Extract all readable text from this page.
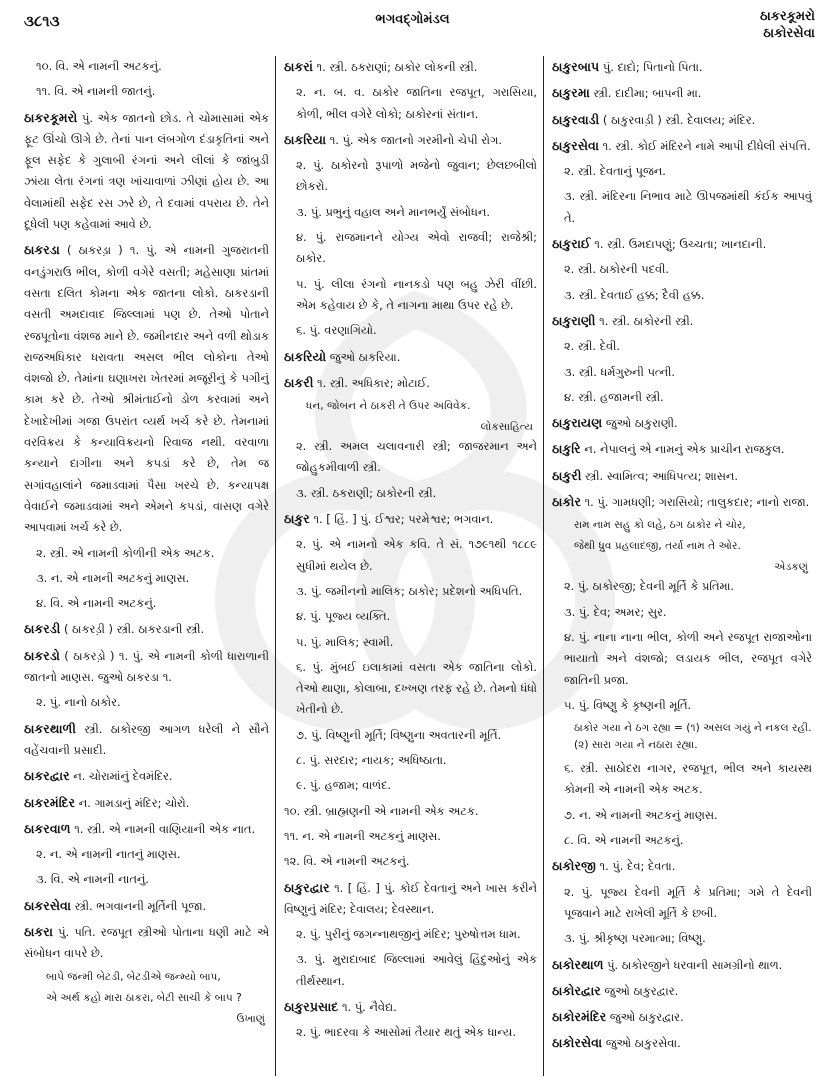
૩૮૧૩	ભગવદ્ગોમંડલ	ઠાકરકૂમરો
ઠાકોરસેવા
૧૦. વિ. એ નામની અટકનું.
૧૧. વિ. એ નામની જાતનું.
ઠાકરકૂમરો પું. એક જાતનો છોડ. તે ચોમાસામાં એક ફૂટ ઊંચો ઊગે છે. તેનાં પાન લંબગોળ દંડાકૃતિનાં અને ફૂલ સફેદ કે ગુલાબી રંગનાં અને લીલાં કે જાંબુડી ઝાંયા લેતા રંગનાં ત્રણ ખાંચાવાળાં ઝીણાં હોય છે. આ વેલામાંથી સફેદ રસ ઝરે છે, તે દવામાં વપરાય છે. તેને દૂધેલી પણ કહેવામાં આવે છે.
ઠાકરડા ( ઠાકરડ઼ા ) ૧. પું. એ નામની ગુજરાતની વનડુંગરાઉ ભીલ, કોળી વગેરે વસતી; મહેસાણા પ્રાંતમાં વસતા દલિત કોમના એક જાતના લોકો. ઠાકરડાની વસતી અમદાવાદ જિલ્લામાં પણ છે. તેઓ પોતાને રજપૂતોના વંશજ માને છે. જમીનદાર અને વળી થોડાક રાજઅધિકાર ધરાવતા અસલ ભીલ લોકોના તેઓ વંશજો છે. તેમાંના ઘણાખરા ખેતરમાં મજૂરીનું કે પગીનું કામ કરે છે. તેઓ શ્રીમંતાઈનો ડોળ કરવામાં અને દેખાદેખીમાં ગજા ઉપરાંત વ્યર્થ ખર્ચ કરે છે. તેમનામાં વરવિક્રય કે કન્યાવિક્રયનો રિવાજ નથી. વરવાળા કન્યાને દાગીના અને કપડાં કરે છે, તેમ જ સગાંવહાલાંને જમાડવામાં પૈસા ખરચે છે. કન્યાપક્ષ વેવાઈને જમાડવામાં અને એમને કપડાં, વાસણ વગેરે આપવામાં ખર્ચ કરે છે.
૨. સ્ત્રી. એ નામની કોળીની એક અટક.
૩. ન. એ નામની અટકનું માણસ.
૪. વિ. એ નામની અટકનું.
ઠાકરડી ( ઠાકરડ઼ી ) સ્ત્રી. ઠાકરડાની સ્ત્રી.
ઠાકરડો ( ઠાકરડ઼ો ) ૧. પું. એ નામની કોળી ધારાળાની જાતનો માણસ. જુઓ ઠાકરડા ૧.
૨. પું. નાનો ઠાકોર.
ઠાકરથાળી સ્ત્રી. ઠાકોરજી આગળ ધરેલી ને સૌને વહેંચવાની પ્રસાદી.
ઠાકરદ્વાર ન. ચોરામાંનું દેવમંદિર.
ઠાકરમંદિર ન. ગામડાનું મંદિર; ચોરો.
ઠાકરવાળ ૧. સ્ત્રી. એ નામની વાણિયાની એક નાત.
૨. ન. એ નામની નાતનું માણસ.
૩. વિ. એ નામની નાતનું.
ઠાકરસેવા સ્ત્રી. ભગવાનની મૂર્તિની પૂજા.
ઠાકરા પું. પતિ. રજપૂત સ્ત્રીઓ પોતાના ધણી માટે એ સંબોધન વાપરે છે.
બાપે જન્મી બેટડી, બેટડીએ જન્મ્યો બાપ,
એ અર્થ કહો મારા ઠાકરા, બેટી સાચી કે બાપ ?
ઉખાણું
ઠાકરાં ૧. સ્ત્રી. ઠકરાણાં; ઠાકોર લોકની સ્ત્રી.
૨. ન. બ. વ. ઠાકોર જાતિના રજપૂત, ગરાસિયા, કોળી, ભીલ વગેરે લોકો; ઠાકોરનાં સંતાન.
ઠાકરિયા ૧. પું. એક જાતનો ગરમીનો ચેપી રોગ.
૨. પું. ઠાકોરનો રૂપાળો મજેનો જુવાન; છેલછબીલો છોકરો.
૩. પું. પ્રભુનું વહાલ અને માનભર્યું સંબોધન.
૪. પું. રાજમાનને યોગ્ય એવો રાજવી; રાજેશ્રી; ઠાકોર.
૫. પું. લીલા રંગનો નાનકડો પણ બહુ ઝેરી વીંછી. એમ કહેવાય છે કે, તે નાગના માથા ઉપર રહે છે.
૬. પું. વરણાગિયો.
ઠાકરિયો જુઓ ઠાકરિયા.
ઠાકરી ૧. સ્ત્રી. અધિકાર; મોટાઈ.
ધન, જોબન ને ઠાકરી તે ઉપર અવિવેક.
લોકસાહિત્ય
૨. સ્ત્રી. અમલ ચલાવનારી સ્ત્રી; જાજરમાન અને જોહુકમીવાળી સ્ત્રી.
૩. સ્ત્રી. ઠકરાણી; ઠાકોરની સ્ત્રી.
ઠાકુર ૧. [ હિં. ] પું. ઈશ્વર; પરમેશ્વર; ભગવાન.
૨. પું. એ નામનો એક કવિ. તે સં. ૧૭૯૧થી ૧૮૮૯ સુધીમાં થયેલ છે.
૩. પું. જમીનનો માલિક; ઠાકોર; પ્રદેશનો અધિપતિ.
૪. પું. પૂજ્ય વ્યક્તિ.
૫. પું. માલિક; સ્વામી.
૬. પું. મુંબઈ ઇલાકામાં વસતા એક જાતિના લોકો. તેઓ થાણા, કોલાબા, દખ્ખણ તરફ રહે છે. તેમનો ધંધો ખેતીનો છે.
૭. પું. વિષ્ણુની મૂર્તિ; વિષ્ણુના અવતારની મૂર્તિ.
૮. પું. સરદાર; નાયક; અધિષ્ઠાતા.
૯. પું. હજામ; વાળંદ.
૧૦. સ્ત્રી. બ્રાહ્મણની એ નામની એક અટક.
૧૧. ન. એ નામની અટકનું માણસ.
૧૨. વિ. એ નામની અટકનું.
ઠાકુરદ્વાર ૧. [ હિં. ] પું. કોઈ દેવતાનું અને ખાસ કરીને વિષ્ણુનું મંદિર; દેવાલય; દેવસ્થાન.
૨. પું. પુરીનું જગન્નાથજીનું મંદિર; પુરુષોત્તમ ધામ.
૩. પું. મુરાદાબાદ જિલ્લામાં આવેલું હિંદુઓનું એક તીર્થસ્થાન.
ઠાકુરપ્રસાદ ૧. પું. નૈવેદ્ય.
૨. પું. ભાદરવા કે આસોમાં તૈયાર થતું એક ધાન્ય.
ઠાકુરબાપ પું. દાદો; પિતાનો પિતા.
ઠાકુરમા સ્ત્રી. દાદીમા; બાપની મા.
ઠાકુરવાડી ( ઠાકુરવાડ઼ી ) સ્ત્રી. દેવાલય; મંદિર.
ઠાકુરસેવા ૧. સ્ત્રી. કોઈ મંદિરને નામે આપી દીધેલી સંપત્તિ.
૨. સ્ત્રી. દેવતાનું પૂજન.
૩. સ્ત્રી. મંદિરના નિભાવ માટે ઊપજમાંથી કંઈક આપવું તે.
ઠાકુરાઈ ૧. સ્ત્રી. ઉમદાપણું; ઉચ્ચતા; ખાનદાની.
૨. સ્ત્રી. ઠાકોરની પદવી.
૩. સ્ત્રી. દેવતાઈ હક્ક; દૈવી હક્ક.
ઠાકુરાણી ૧. સ્ત્રી. ઠાકોરની સ્ત્રી.
૨. સ્ત્રી. દેવી.
૩. સ્ત્રી. ધર્મગુરુની પત્ની.
૪. સ્ત્રી. હજામની સ્ત્રી.
ઠાકુરાયણ જુઓ ઠાકુરાણી.
ઠાકુરિ ન. નેપાલનું એ નામનું એક પ્રાચીન રાજકુલ.
ઠાકુરી સ્ત્રી. સ્વામિત્વ; આધિપત્ય; શાસન.
ઠાકોર ૧. પું. ગામધણી; ગરાસિયો; તાલુકદાર; નાનો રાજા.
રામ નામ સહુ કો લહે, ઠગ ઠાકોર ને ચોર,
જેથી ધ્રુવ પ્રહલાદજી, તર્યા નામ તે ઓર.
એડકણું
૨. પું. ઠાકોરજી; દેવની મૂર્તિ કે પ્રતિમા.
૩. પું. દેવ; અમર; સુર.
૪. પું. નાના નાના ભીલ, કોળી અને રજપૂત રાજાઓના ભાયાતો અને વંશજો; લડાયક ભીલ, રજપૂત વગેરે જાતિની પ્રજા.
૫. પું. વિષ્ણુ કે કૃષ્ણની મૂર્તિ.
ઠાકોર ગયા ને ઠગ રહ્યા = (૧) અસલ ગયું ને નકલ રહી. (૨) સારા ગયા ને નઠારા રહ્યા.
૬. સ્ત્રી. સાઠોદરા નાગર, રજપૂત, ભીલ અને કાયસ્થ કોમની એ નામની એક અટક.
૭. ન. એ નામની અટકનું માણસ.
૮. વિ. એ નામની અટકનું.
ઠાકોરજી ૧. પું. દેવ; દેવતા.
૨. પું. પૂજ્ય દેવની મૂર્તિ કે પ્રતિમા; ગમે તે દેવની પૂજવાને માટે રાખેલી મૂર્તિ કે છબી.
૩. પું. શ્રીકૃષ્ણ પરમાત્મા; વિષ્ણુ.
ઠાકોરથાળ પું. ઠાકોરજીને ધરવાની સામગ્રીનો થાળ.
ઠાકોરદ્વાર જુઓ ઠાકુરદ્વાર.
ઠાકોરમંદિર જુઓ ઠાકુરદ્વાર.
ઠાકોરસેવા જુઓ ઠાકુરસેવા.
